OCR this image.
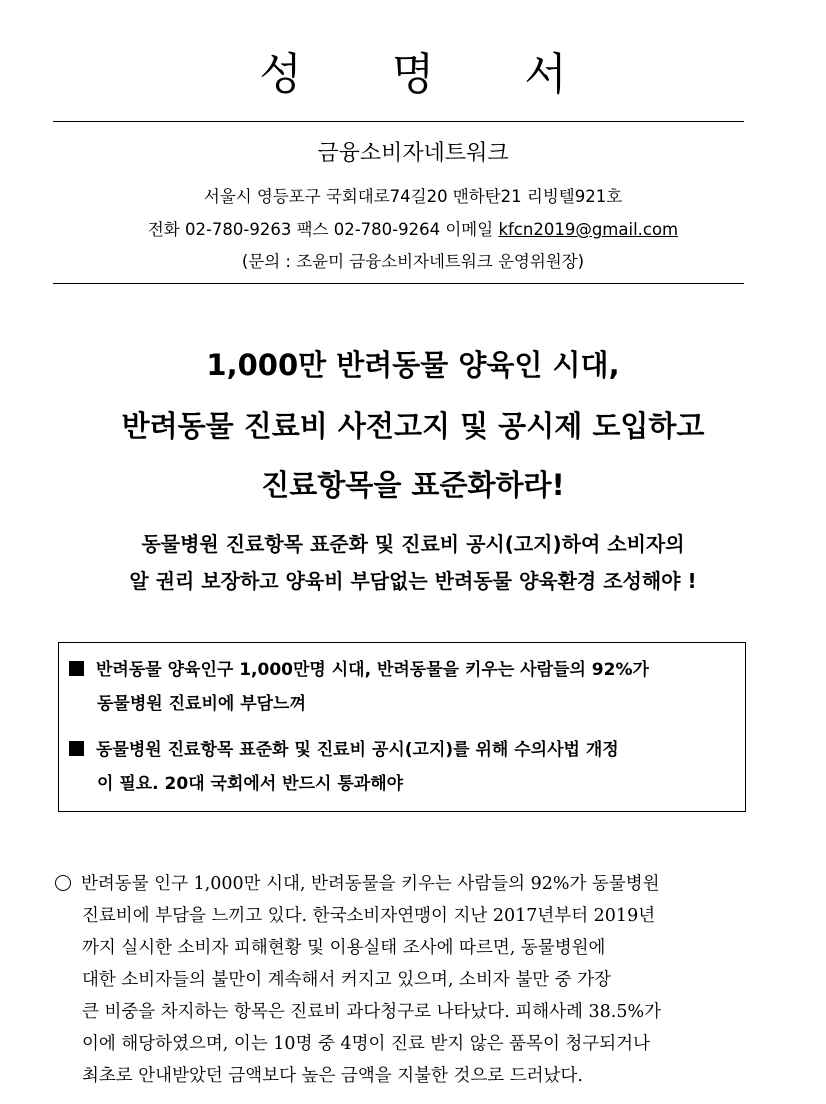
성 명 서
금융소비자네트워크
서울시 영등포구 국회대로74길20 맨하탄21 리빙텔921호
전화 02-780-9263 팩스 02-780-9264 이메일 kfcn2019@gmail.com
(문의 : 조윤미 금융소비자네트워크 운영위원장)
1,000만 반려동물 양육인 시대,
반려동물 진료비 사전고지 및 공시제 도입하고
진료항목을 표준화하라!
동물병원 진료항목 표준화 및 진료비 공시(고지)하여 소비자의
알 권리 보장하고 양육비 부담없는 반려동물 양육환경 조성해야 !
반려동물 양육인구 1,000만명 시대, 반려동물을 키우는 사람들의 92%가
동물병원 진료비에 부담느껴
동물병원 진료항목 표준화 및 진료비 공시(고지)를 위해 수의사법 개정
이 필요. 20대 국회에서 반드시 통과해야
반려동물 인구 1,000만 시대, 반려동물을 키우는 사람들의 92%가 동물병원
진료비에 부담을 느끼고 있다. 한국소비자연맹이 지난 2017년부터 2019년
까지 실시한 소비자 피해현황 및 이용실태 조사에 따르면, 동물병원에
대한 소비자들의 불만이 계속해서 커지고 있으며, 소비자 불만 중 가장
큰 비중을 차지하는 항목은 진료비 과다청구로 나타났다. 피해사례 38.5%가
이에 해당하였으며, 이는 10명 중 4명이 진료 받지 않은 품목이 청구되거나
최초로 안내받았던 금액보다 높은 금액을 지불한 것으로 드러났다.
